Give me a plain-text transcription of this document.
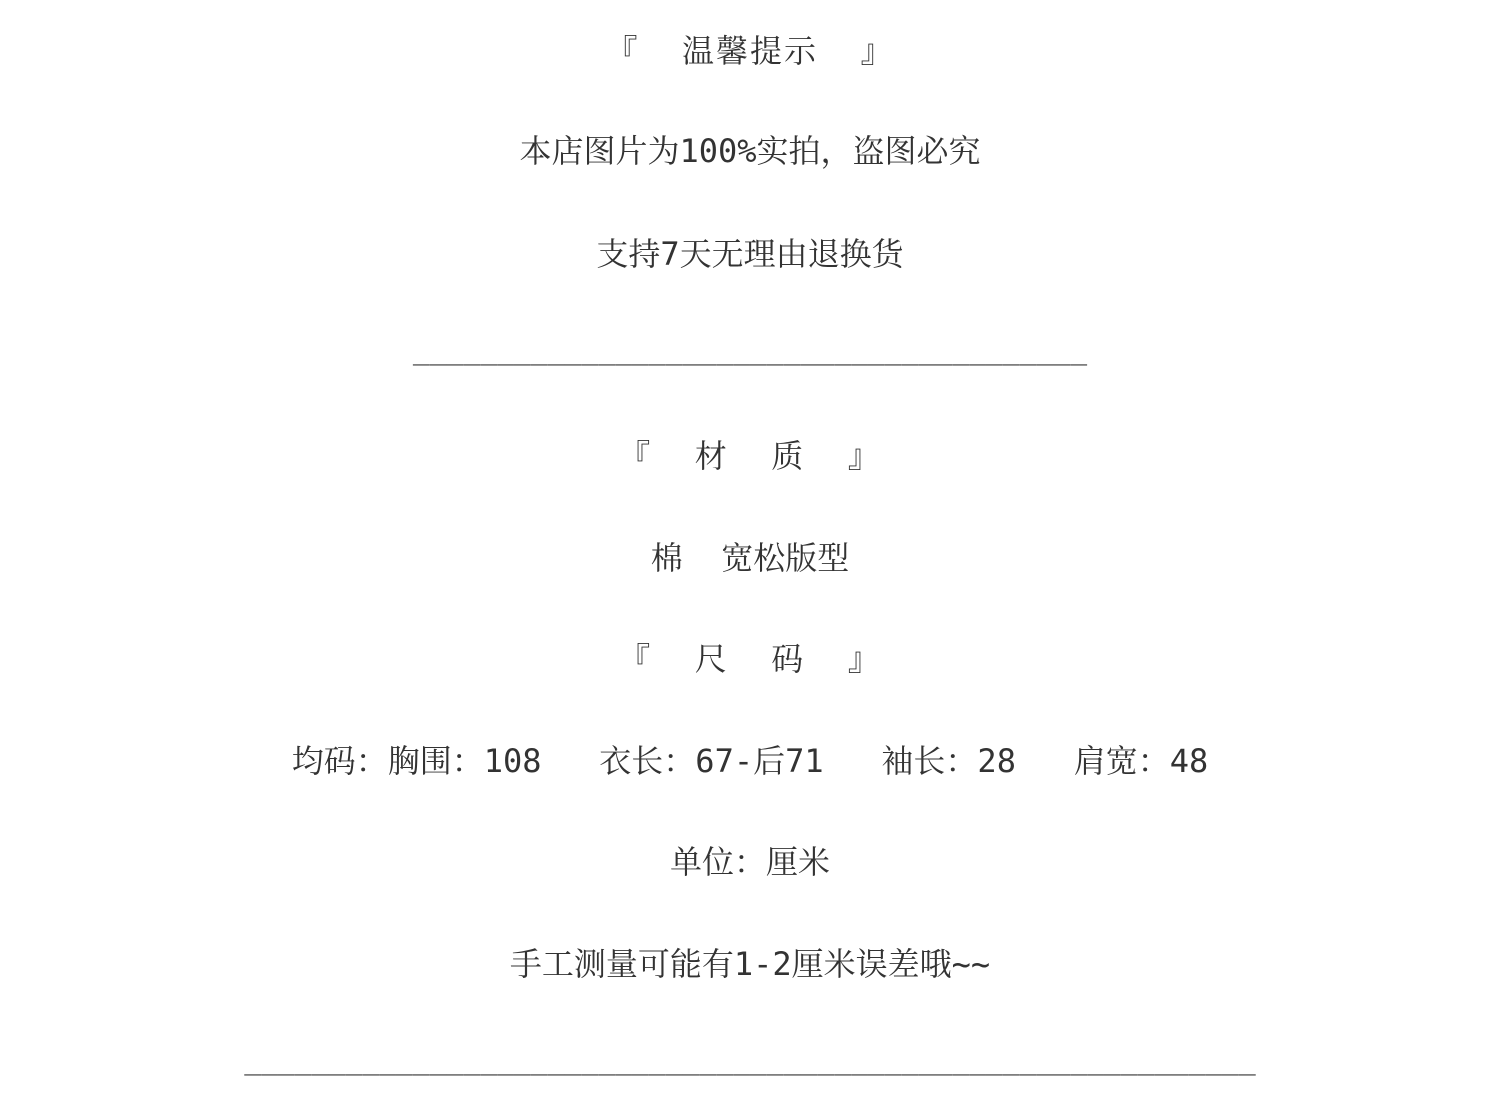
『  温馨提示  』
本店图片为100%实拍，盗图必究
支持7天无理由退换货
________________________________________
『  材  质  』
棉  宽松版型
『  尺  码  』
均码：胸围：108   衣长：67-后71   袖长：28   肩宽：48
单位：厘米
手工测量可能有1-2厘米误差哦~~
____________________________________________________________
